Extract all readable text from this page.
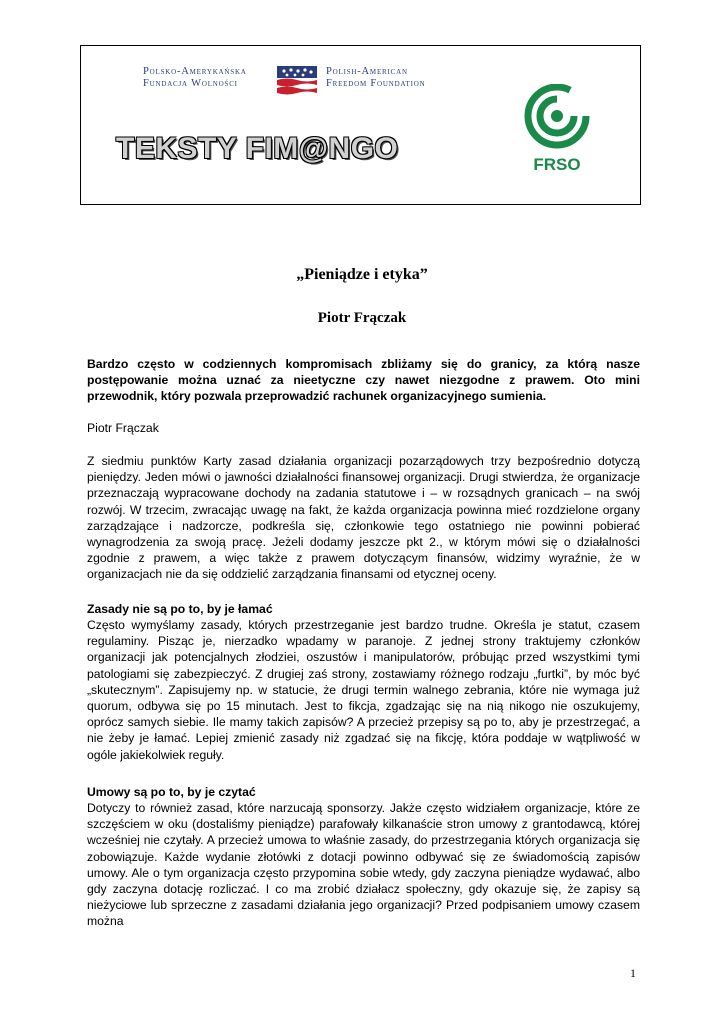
Polsko-Amerykańska
Fundacja Wolności
Polish-American
Freedom Foundation
TEKSTY FIM@NGO	FRSO
„Pieniądze i etyka”
Piotr Frączak

Bardzo często w codziennych kompromisach zbliżamy się do granicy, za którą nasze postępowanie można uznać za nieetyczne czy nawet niezgodne z prawem. Oto mini przewodnik, który pozwala przeprowadzić rachunek organizacyjnego sumienia.

Piotr Frączak

Z siedmiu punktów Karty zasad działania organizacji pozarządowych trzy bezpośrednio dotyczą pieniędzy. Jeden mówi o jawności działalności finansowej organizacji. Drugi stwierdza, że organizacje przeznaczają wypracowane dochody na zadania statutowe i – w rozsądnych granicach – na swój rozwój. W trzecim, zwracając uwagę na fakt, że każda organizacja powinna mieć rozdzielone organy zarządzające i nadzorcze, podkreśla się, członkowie tego ostatniego nie powinni pobierać wynagrodzenia za swoją pracę. Jeżeli dodamy jeszcze pkt 2., w którym mówi się o działalności zgodnie z prawem, a więc także z prawem dotyczącym finansów, widzimy wyraźnie, że w organizacjach nie da się oddzielić zarządzania finansami od etycznej oceny.

Zasady nie są po to, by je łamać

Często wymyślamy zasady, których przestrzeganie jest bardzo trudne. Określa je statut, czasem regulaminy. Pisząc je, nierzadko wpadamy w paranoje. Z jednej strony traktujemy członków organizacji jak potencjalnych złodziei, oszustów i manipulatorów, próbując przed wszystkimi tymi patologiami się zabezpieczyć. Z drugiej zaś strony, zostawiamy różnego rodzaju „furtki”, by móc być „skutecznym”. Zapisujemy np. w statucie, że drugi termin walnego zebrania, które nie wymaga już quorum, odbywa się po 15 minutach. Jest to fikcja, zgadzając się na nią nikogo nie oszukujemy, oprócz samych siebie. Ile mamy takich zapisów? A przecież przepisy są po to, aby je przestrzegać, a nie żeby je łamać. Lepiej zmienić zasady niż zgadzać się na fikcję, która poddaje w wątpliwość w ogóle jakiekolwiek reguły.

Umowy są po to, by je czytać

Dotyczy to również zasad, które narzucają sponsorzy. Jakże często widziałem organizacje, które ze szczęściem w oku (dostaliśmy pieniądze) parafowały kilkanaście stron umowy z grantodawcą, której wcześniej nie czytały. A przecież umowa to właśnie zasady, do przestrzegania których organizacja się zobowiązuje. Każde wydanie złotówki z dotacji powinno odbywać się ze świadomością zapisów umowy. Ale o tym organizacja często przypomina sobie wtedy, gdy zaczyna pieniądze wydawać, albo gdy zaczyna dotację rozliczać. I co ma zrobić działacz społeczny, gdy okazuje się, że zapisy są nieżyciowe lub sprzeczne z zasadami działania jego organizacji? Przed podpisaniem umowy czasem można

1
